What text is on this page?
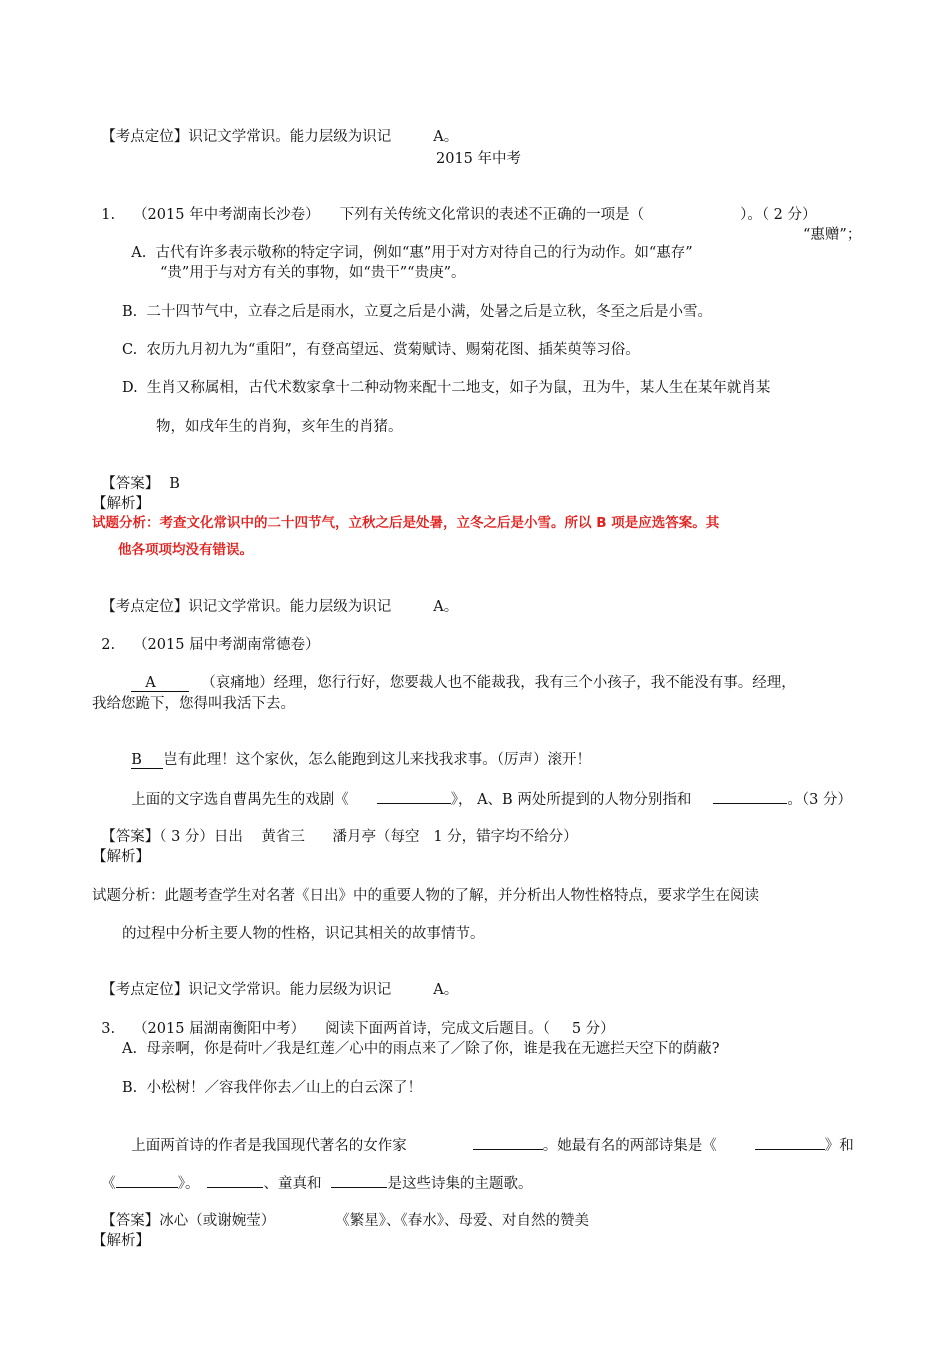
【考点定位】识记文学常识。能力层级为识记	A。

2015 年中考

1. （2015 年中考湖南长沙卷） 下列有关传统文化常识的表述不正确的一项是（	）。（ 2 分）

A.  古代有许多表示敬称的特定字词，例如“惠”用于对方对待自己的行为动作。如“惠存”

“惠赠”；
“贵”用于与对方有关的事物，如“贵干”“贵庚”。
B.  二十四节气中，立春之后是雨水，立夏之后是小满，处暑之后是立秋，冬至之后是小雪。
C.  农历九月初九为“重阳”，有登高望远、赏菊赋诗、赐菊花图、插茱萸等习俗。
D.  生肖又称属相，古代术数家拿十二种动物来配十二地支，如子为鼠，丑为牛，某人生在某年就肖某
物，如戌年生的肖狗，亥年生的肖猪。

【答案】 B

【解析】
试题分析：考查文化常识中的二十四节气，立秋之后是处暑，立冬之后是小雪。所以 B 项是应选答案。其
他各项项均没有错误。

【考点定位】识记文学常识。能力层级为识记	A。

2. （2015 届中考湖南常德卷）

A	（哀痛地）经理，您行行好，您要裁人也不能裁我，我有三个小孩子，我不能没有事。经理，

我给您跪下，您得叫我活下去。

B 岂有此理！这个家伙，怎么能跑到这儿来找我求事。（厉声）滚开！

上面的文字选自曹禺先生的戏剧《	》， A、B 两处所提到的人物分别指和	。（3 分）

【答案】（ 3 分）日出    黄省三      潘月亭（每空   1 分，错字均不给分）

【解析】
试题分析：此题考查学生对名著《日出》中的重要人物的了解，并分析出人物性格特点，要求学生在阅读
的过程中分析主要人物的性格，识记其相关的故事情节。

【考点定位】识记文学常识。能力层级为识记	A。

3. （2015 届湖南衡阳中考） 阅读下面两首诗，完成文后题目。（ 5 分）

A.  母亲啊，你是荷叶／我是红莲／心中的雨点来了／除了你，谁是我在无遮拦天空下的荫蔽?
B.  小松树！／容我伴你去／山上的白云深了！

上面两首诗的作者是我国现代著名的女作家	。她最有名的两部诗集是《	》和

《	》。	、童真和	是这些诗集的主题歌。

【答案】冰心（或谢婉莹）	《繁星》、《春水》、母爱、对自然的赞美

【解析】
